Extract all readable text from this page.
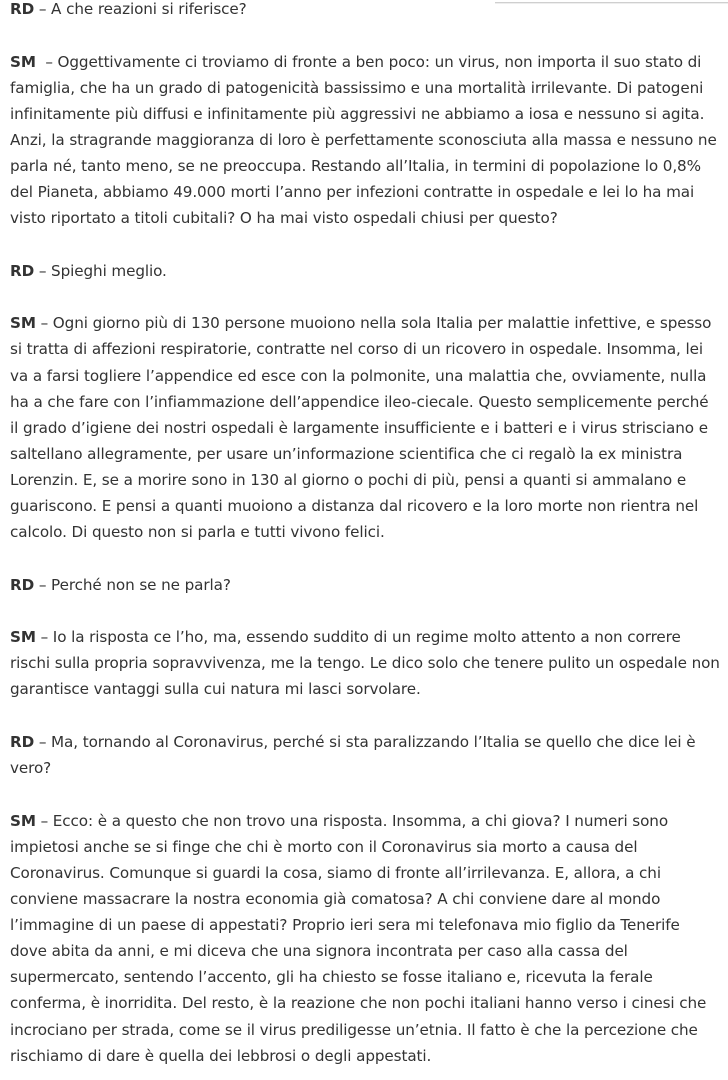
RD – A che reazioni si riferisce?

SM  – Oggettivamente ci troviamo di fronte a ben poco: un virus, non importa il suo stato di famiglia, che ha un grado di patogenicità bassissimo e una mortalità irrilevante. Di patogeni infinitamente più diffusi e infinitamente più aggressivi ne abbiamo a iosa e nessuno si agita. Anzi, la stragrande maggioranza di loro è perfettamente sconosciuta alla massa e nessuno ne parla né, tanto meno, se ne preoccupa. Restando all’Italia, in termini di popolazione lo 0,8% del Pianeta, abbiamo 49.000 morti l’anno per infezioni contratte in ospedale e lei lo ha mai visto riportato a titoli cubitali? O ha mai visto ospedali chiusi per questo?

RD – Spieghi meglio.

SM – Ogni giorno più di 130 persone muoiono nella sola Italia per malattie infettive, e spesso si tratta di affezioni respiratorie, contratte nel corso di un ricovero in ospedale. Insomma, lei va a farsi togliere l’appendice ed esce con la polmonite, una malattia che, ovviamente, nulla ha a che fare con l’infiammazione dell’appendice ileo-ciecale. Questo semplicemente perché il grado d’igiene dei nostri ospedali è largamente insufficiente e i batteri e i virus strisciano e saltellano allegramente, per usare un’informazione scientifica che ci regalò la ex ministra Lorenzin. E, se a morire sono in 130 al giorno o pochi di più, pensi a quanti si ammalano e guariscono. E pensi a quanti muoiono a distanza dal ricovero e la loro morte non rientra nel calcolo. Di questo non si parla e tutti vivono felici.

RD – Perché non se ne parla?

SM – Io la risposta ce l’ho, ma, essendo suddito di un regime molto attento a non correre rischi sulla propria sopravvivenza, me la tengo. Le dico solo che tenere pulito un ospedale non garantisce vantaggi sulla cui natura mi lasci sorvolare.

RD – Ma, tornando al Coronavirus, perché si sta paralizzando l’Italia se quello che dice lei è vero?

SM – Ecco: è a questo che non trovo una risposta. Insomma, a chi giova? I numeri sono impietosi anche se si finge che chi è morto con il Coronavirus sia morto a causa del Coronavirus. Comunque si guardi la cosa, siamo di fronte all’irrilevanza. E, allora, a chi conviene massacrare la nostra economia già comatosa? A chi conviene dare al mondo l’immagine di un paese di appestati? Proprio ieri sera mi telefonava mio figlio da Tenerife dove abita da anni, e mi diceva che una signora incontrata per caso alla cassa del supermercato, sentendo l’accento, gli ha chiesto se fosse italiano e, ricevuta la ferale conferma, è inorridita. Del resto, è la reazione che non pochi italiani hanno verso i cinesi che incrociano per strada, come se il virus prediligesse un’etnia. Il fatto è che la percezione che rischiamo di dare è quella dei lebbrosi o degli appestati.
